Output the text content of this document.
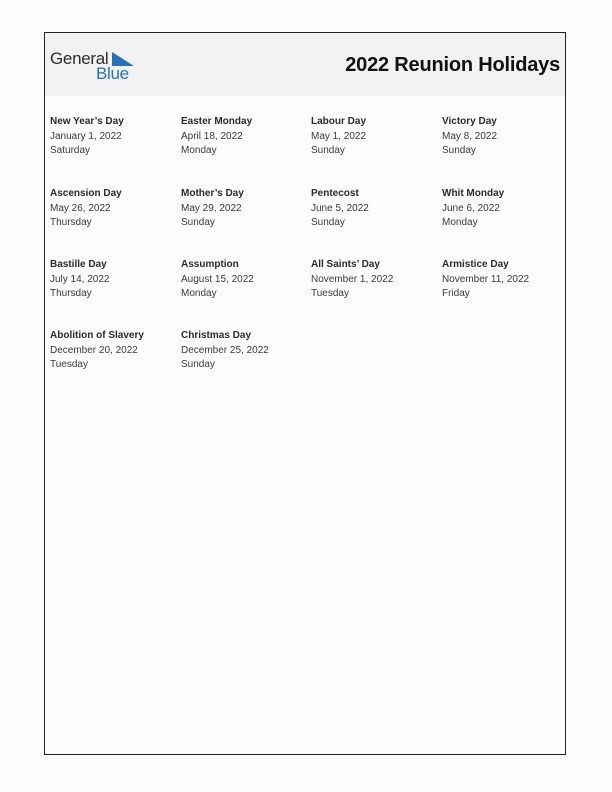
General
Blue	2022 Reunion Holidays
New Year’s Day
January 1, 2022
Saturday
Easter Monday
April 18, 2022
Monday
Labour Day
May 1, 2022
Sunday
Victory Day
May 8, 2022
Sunday
Ascension Day
May 26, 2022
Thursday
Mother’s Day
May 29, 2022
Sunday
Pentecost
June 5, 2022
Sunday
Whit Monday
June 6, 2022
Monday
Bastille Day
July 14, 2022
Thursday
Assumption
August 15, 2022
Monday
All Saints’ Day
November 1, 2022
Tuesday
Armistice Day
November 11, 2022
Friday
Abolition of Slavery
December 20, 2022
Tuesday
Christmas Day
December 25, 2022
Sunday
